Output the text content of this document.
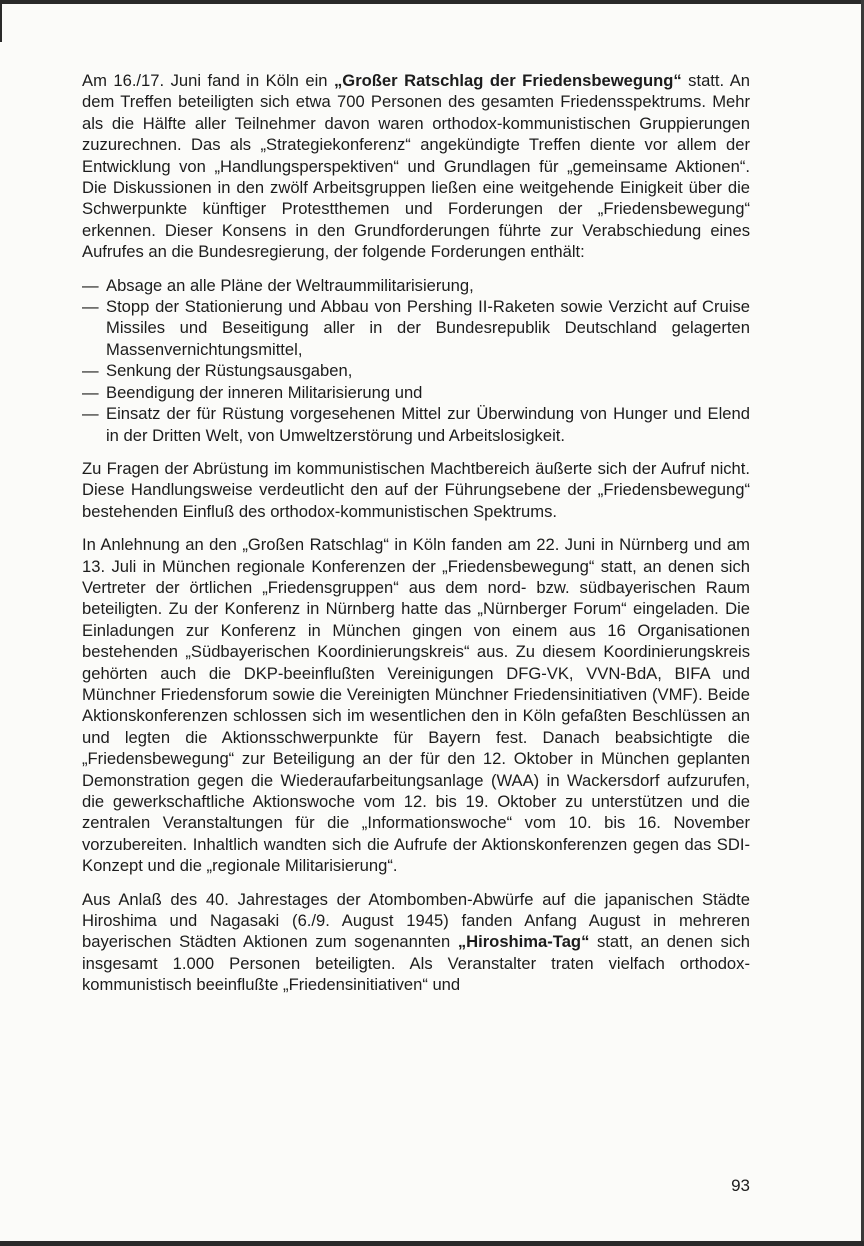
Am 16./17. Juni fand in Köln ein „Großer Ratschlag der Friedensbewegung“ statt. An dem Treffen beteiligten sich etwa 700 Personen des gesamten Friedensspektrums. Mehr als die Hälfte aller Teilnehmer davon waren orthodox-kommunistischen Gruppierungen zuzurechnen. Das als „Strategiekonferenz“ angekündigte Treffen diente vor allem der Entwicklung von „Handlungsperspektiven“ und Grundlagen für „gemeinsame Aktionen“. Die Diskussionen in den zwölf Arbeitsgruppen ließen eine weitgehende Einigkeit über die Schwerpunkte künftiger Protestthemen und Forderungen der „Friedensbewegung“ erkennen. Dieser Konsens in den Grundforderungen führte zur Verabschiedung eines Aufrufes an die Bundesregierung, der folgende Forderungen enthält:

— Absage an alle Pläne der Weltraummilitarisierung,
— Stopp der Stationierung und Abbau von Pershing II-Raketen sowie Verzicht auf Cruise Missiles und Beseitigung aller in der Bundesrepublik Deutschland gelagerten Massenvernichtungsmittel,
— Senkung der Rüstungsausgaben,
— Beendigung der inneren Militarisierung und
— Einsatz der für Rüstung vorgesehenen Mittel zur Überwindung von Hunger und Elend in der Dritten Welt, von Umweltzerstörung und Arbeitslosigkeit.

Zu Fragen der Abrüstung im kommunistischen Machtbereich äußerte sich der Aufruf nicht. Diese Handlungsweise verdeutlicht den auf der Führungsebene der „Friedensbewegung“ bestehenden Einfluß des orthodox-kommunistischen Spektrums.

In Anlehnung an den „Großen Ratschlag“ in Köln fanden am 22. Juni in Nürnberg und am 13. Juli in München regionale Konferenzen der „Friedensbewegung“ statt, an denen sich Vertreter der örtlichen „Friedensgruppen“ aus dem nord- bzw. südbayerischen Raum beteiligten. Zu der Konferenz in Nürnberg hatte das „Nürnberger Forum“ eingeladen. Die Einladungen zur Konferenz in München gingen von einem aus 16 Organisationen bestehenden „Südbayerischen Koordinierungskreis“ aus. Zu diesem Koordinierungskreis gehörten auch die DKP-beeinflußten Vereinigungen DFG-VK, VVN-BdA, BIFA und Münchner Friedensforum sowie die Vereinigten Münchner Friedensinitiativen (VMF). Beide Aktionskonferenzen schlossen sich im wesentlichen den in Köln gefaßten Beschlüssen an und legten die Aktionsschwerpunkte für Bayern fest. Danach beabsichtigte die „Friedensbewegung“ zur Beteiligung an der für den 12. Oktober in München geplanten Demonstration gegen die Wiederaufarbeitungsanlage (WAA) in Wackersdorf aufzurufen, die gewerkschaftliche Aktionswoche vom 12. bis 19. Oktober zu unterstützen und die zentralen Veranstaltungen für die „Informationswoche“ vom 10. bis 16. November vorzubereiten. Inhaltlich wandten sich die Aufrufe der Aktionskonferenzen gegen das SDI-Konzept und die „regionale Militarisierung“.

Aus Anlaß des 40. Jahrestages der Atombomben-Abwürfe auf die japanischen Städte Hiroshima und Nagasaki (6./9. August 1945) fanden Anfang August in mehreren bayerischen Städten Aktionen zum sogenannten „Hiroshima-Tag“ statt, an denen sich insgesamt 1.000 Personen beteiligten. Als Veranstalter traten vielfach orthodox-kommunistisch beeinflußte „Friedensinitiativen“ und

93
